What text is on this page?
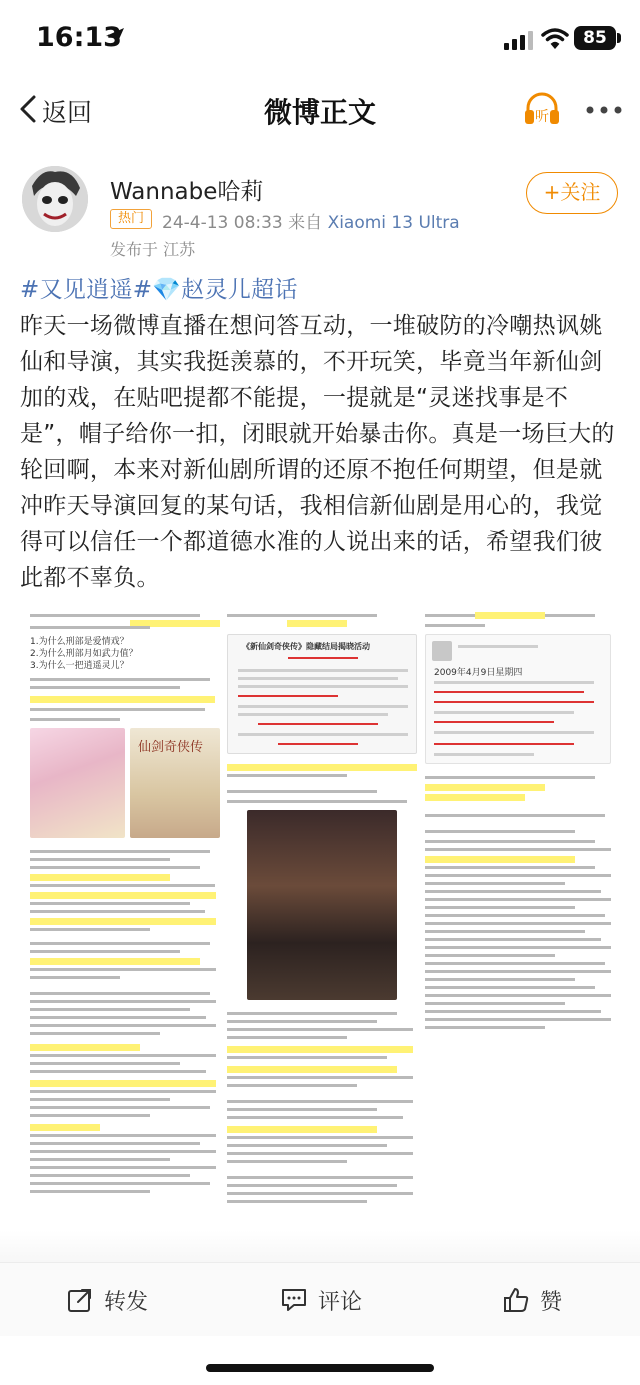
16:13	85
返回	微博正文	听
Wannabe哈莉
热门	24-4-13 08:33 来自 Xiaomi 13 Ultra
发布于 江苏
+关注
#又见逍遥#💎赵灵儿超话
昨天一场微博直播在想问答互动，一堆破防的冷嘲热讽姚仙和导演，其实我挺羡慕的，不开玩笑，毕竟当年新仙剑加的戏，在贴吧提都不能提，一提就是“灵迷找事是不是”，帽子给你一扣，闭眼就开始暴击你。真是一场巨大的轮回啊，本来对新仙剧所谓的还原不抱任何期望，但是就冲昨天导演回复的某句话，我相信新仙剧是用心的，我觉得可以信任一个都道德水准的人说出来的话，希望我们彼此都不辜负。
1.为什么刑部是爱情戏？
2.为什么刑部月如武力值？
3.为什么一把逍遥灵儿？
仙剑奇侠传
《新仙剑奇侠传》隐藏结局揭晓活动
2009年4月9日星期四
转发	评论	赞
